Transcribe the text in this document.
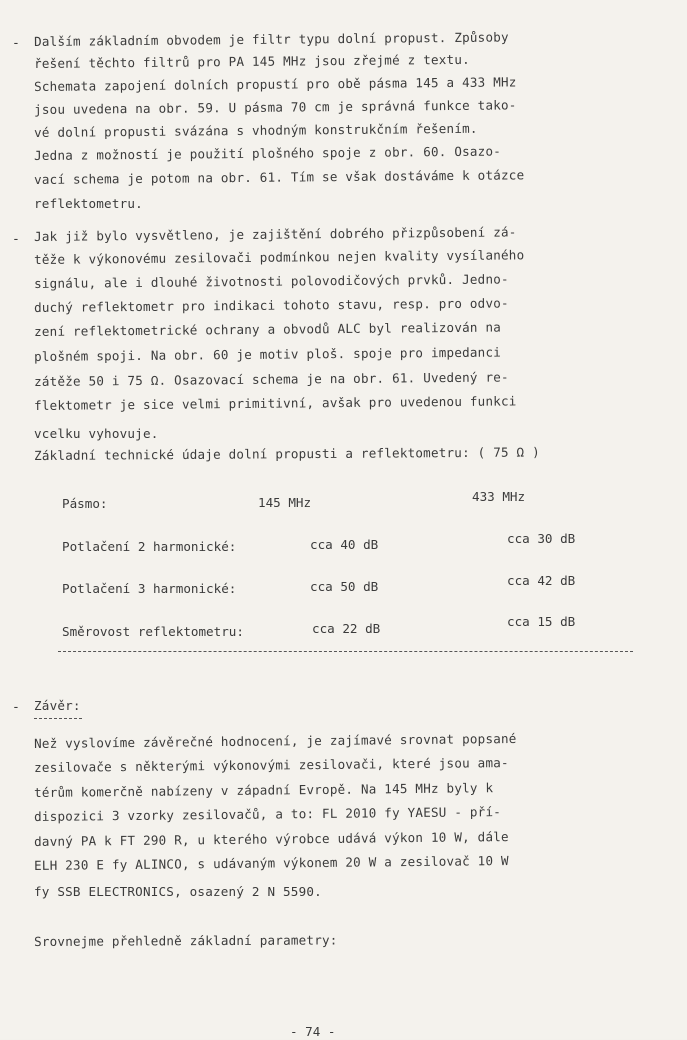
- Dalším základním obvodem je filtr typu dolní propust. Způsoby
řešení těchto filtrů pro PA 145 MHz jsou zřejmé z textu.
Schemata zapojení dolních propustí pro obě pásma 145 a 433 MHz
jsou uvedena na obr. 59. U pásma 70 cm je správná funkce tako-
vé dolní propusti svázána s vhodným konstrukčním řešením.
Jedna z možností je použití plošného spoje z obr. 60. Osazo-
vací schema je potom na obr. 61. Tím se však dostáváme k otázce
reflektometru.
- Jak již bylo vysvětleno, je zajištění dobrého přizpůsobení zá-
těže k výkonovému zesilovači podmínkou nejen kvality vysílaného
signálu, ale i dlouhé životnosti polovodičových prvků. Jedno-
duchý reflektometr pro indikaci tohoto stavu, resp. pro odvo-
zení reflektometrické ochrany a obvodů ALC byl realizován na
plošném spoji. Na obr. 60 je motiv ploš. spoje pro impedanci
zátěže 50 i 75 Ω. Osazovací schema je na obr. 61. Uvedený re-
flektometr je sice velmi primitivní, avšak pro uvedenou funkci
vcelku vyhovuje.
Základní technické údaje dolní propusti a reflektometru: ( 75 Ω )
Pásmo:	145 MHz	433 MHz
Potlačení 2 harmonické:	cca 40 dB	cca 30 dB
Potlačení 3 harmonické:	cca 50 dB	cca 42 dB
Směrovost reflektometru:	cca 22 dB	cca 15 dB
- Závěr:
Než vyslovíme závěrečné hodnocení, je zajímavé srovnat popsané
zesilovače s některými výkonovými zesilovači, které jsou ama-
térům komerčně nabízeny v západní Evropě. Na 145 MHz byly k
dispozici 3 vzorky zesilovačů, a to: FL 2010 fy YAESU - pří-
davný PA k FT 290 R, u kterého výrobce udává výkon 10 W, dále
ELH 230 E fy ALINCO, s udávaným výkonem 20 W a zesilovač 10 W
fy SSB ELECTRONICS, osazený 2 N 5590.
Srovnejme přehledně základní parametry:
- 74 -
